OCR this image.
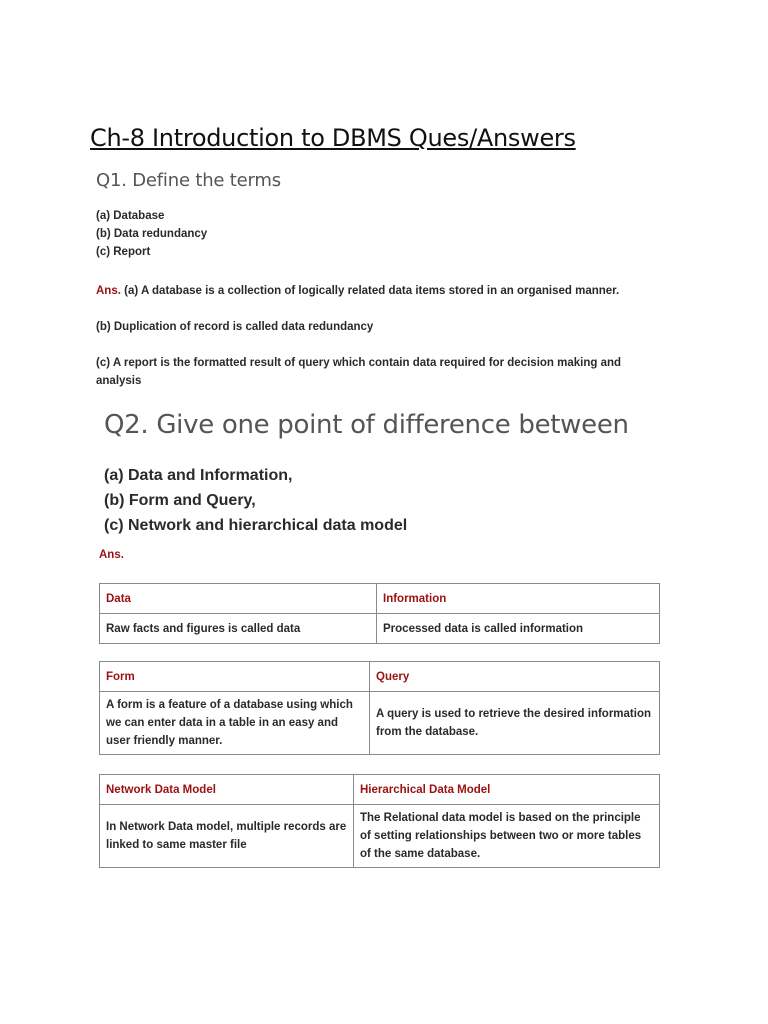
Ch-8 Introduction to DBMS Ques/Answers
Q1. Define the terms
(a) Database
(b) Data redundancy
(c) Report

Ans. (a) A database is a collection of logically related data items stored in an organised manner.

(b) Duplication of record is called data redundancy

(c) A report is the formatted result of query which contain data required for decision making and analysis

Q2. Give one point of difference between
(a) Data and Information,
(b) Form and Query,
(c) Network and hierarchical data model

Ans.

Data	Information
Raw facts and figures is called data	Processed data is called information
Form	Query
A form is a feature of a database using which we can enter data in a table in an easy and user friendly manner.	A query is used to retrieve the desired information from the database.
Network Data Model	Hierarchical Data Model
In Network Data model, multiple records are linked to same master file	The Relational data model is based on the principle of setting relationships between two or more tables of the same database.
